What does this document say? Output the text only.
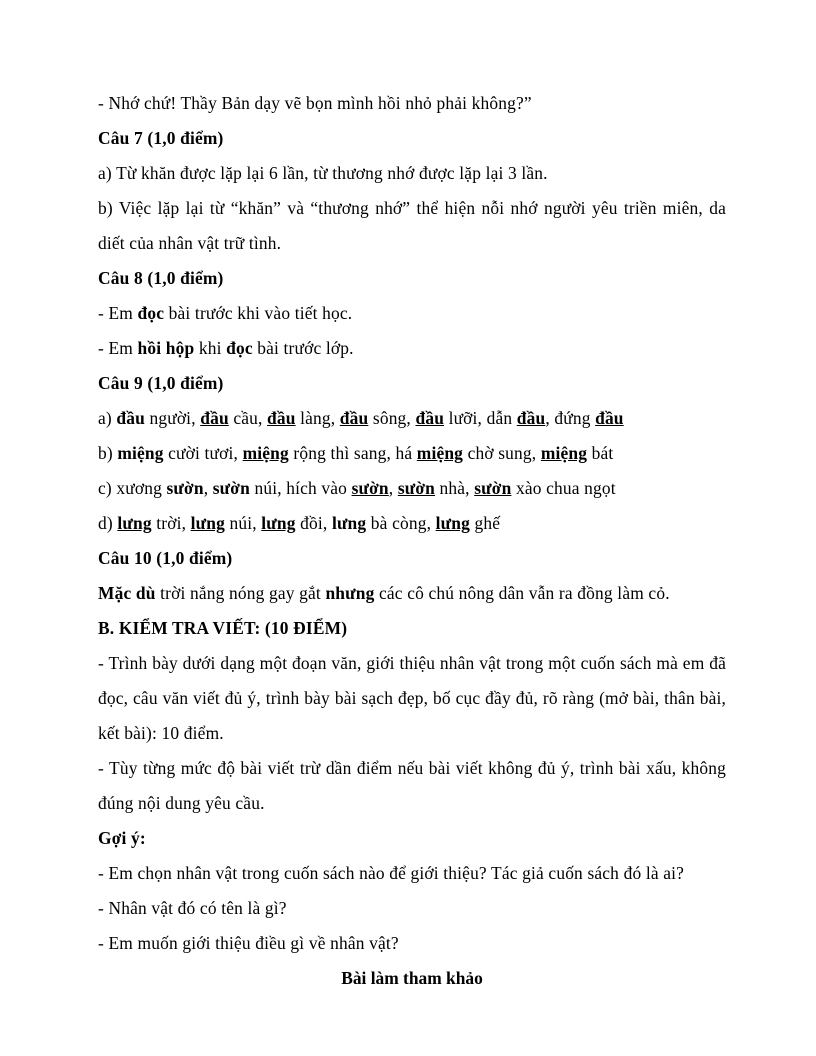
- Nhớ chứ! Thầy Bản dạy vẽ bọn mình hồi nhỏ phải không?”
Câu 7 (1,0 điểm)
a) Từ khăn được lặp lại 6 lần, từ thương nhớ được lặp lại 3 lần.
b) Việc lặp lại từ “khăn” và “thương nhớ” thể hiện nỗi nhớ người yêu triền miên, da diết của nhân vật trữ tình.
Câu 8 (1,0 điểm)
- Em đọc bài trước khi vào tiết học.
- Em hồi hộp khi đọc bài trước lớp.
Câu 9 (1,0 điểm)
a) đầu người, đầu cầu, đầu làng, đầu sông, đầu lưỡi, dẫn đầu, đứng đầu
b) miệng cười tươi, miệng rộng thì sang, há miệng chờ sung, miệng bát
c) xương sườn, sườn núi, hích vào sườn, sườn nhà, sườn xào chua ngọt
d) lưng trời, lưng núi, lưng đồi, lưng bà còng, lưng ghế
Câu 10 (1,0 điểm)
Mặc dù trời nắng nóng gay gắt nhưng các cô chú nông dân vẫn ra đồng làm cỏ.
B. KIỂM TRA VIẾT: (10 ĐIỂM)
- Trình bày dưới dạng một đoạn văn, giới thiệu nhân vật trong một cuốn sách mà em đã đọc, câu văn viết đủ ý, trình bày bài sạch đẹp, bố cục đầy đủ, rõ ràng (mở bài, thân bài, kết bài): 10 điểm.
- Tùy từng mức độ bài viết trừ dần điểm nếu bài viết không đủ ý, trình bài xấu, không đúng nội dung yêu cầu.
Gợi ý:
- Em chọn nhân vật trong cuốn sách nào để giới thiệu? Tác giả cuốn sách đó là ai?
- Nhân vật đó có tên là gì?
- Em muốn giới thiệu điều gì về nhân vật?
Bài làm tham khảo
